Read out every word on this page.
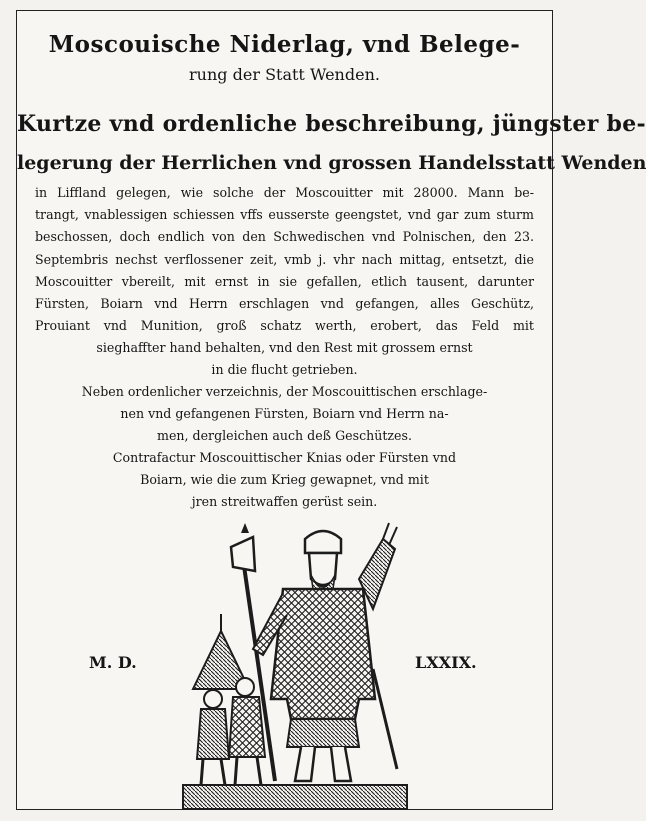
Moscouische Niderlag, vnd Belege-
rung der Statt Wenden.
Kurtze vnd ordenliche beschreibung, jüngster be-
legerung der Herrlichen vnd grossen Handelsstatt Wenden
in Liffland gelegen, wie solche der Moscouitter mit 28000. Mann be-
trangt, vnablessigen schiessen vffs eusserste geengstet, vnd gar zum sturm
beschossen, doch endlich von den Schwedischen vnd Polnischen, den 23.
Septembris nechst verflossener zeit, vmb j. vhr nach mittag, entsetzt, die
Moscouitter vbereilt, mit ernst in sie gefallen, etlich tausent, darunter
Fürsten, Boiarn vnd Herrn erschlagen vnd gefangen, alles Geschütz,
Prouiant vnd Munition, groß schatz werth, erobert, das Feld mit
sieghaffter hand behalten, vnd den Rest mit grossem ernst
in die flucht getrieben.
Neben ordenlicher verzeichnis, der Moscouittischen erschlage-
nen vnd gefangenen Fürsten, Boiarn vnd Herrn na-
men, dergleichen auch deß Geschützes.
Contrafactur Moscouittischer Knias oder Fürsten vnd
Boiarn, wie die zum Krieg gewapnet, vnd mit
jren streitwaffen gerüst sein.
M. D.	LXXIX.
